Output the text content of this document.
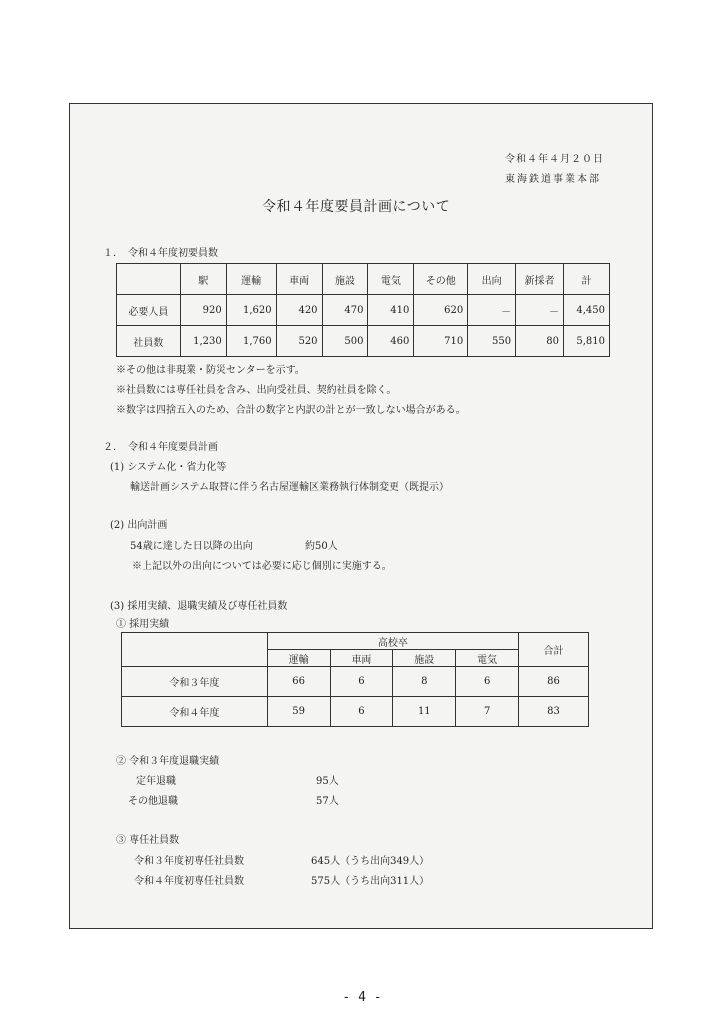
令和４年４月２０日
東海鉄道事業本部
令和４年度要員計画について
１．　令和４年度初要員数
	駅	運輸	車両	施設	電気	その他	出向	新採者	計
必要人員	920	1,620	420	470	410	620	－	－	4,450
社員数	1,230	1,760	520	500	460	710	550	80	5,810
※その他は非現業・防災センターを示す。
※社員数には専任社員を含み、出向受社員、契約社員を除く。
※数字は四捨五入のため、合計の数字と内訳の計とが一致しない場合がある。
２．　令和４年度要員計画
(1) システム化・省力化等
輸送計画システム取替に伴う名古屋運輸区業務執行体制変更（既提示）
(2) 出向計画
54歳に達した日以降の出向	約50人
※上記以外の出向については必要に応じ個別に実施する。
(3) 採用実績、退職実績及び専任社員数
① 採用実績
	高校卒				合計
	運輸	車両	施設	電気	
令和３年度	66	6	8	6	86
令和４年度	59	6	11	7	83
② 令和３年度退職実績
定年退職	95人
その他退職	57人
③ 専任社員数
令和３年度初専任社員数	645人（うち出向349人）
令和４年度初専任社員数	575人（うち出向311人）
- 4 -
